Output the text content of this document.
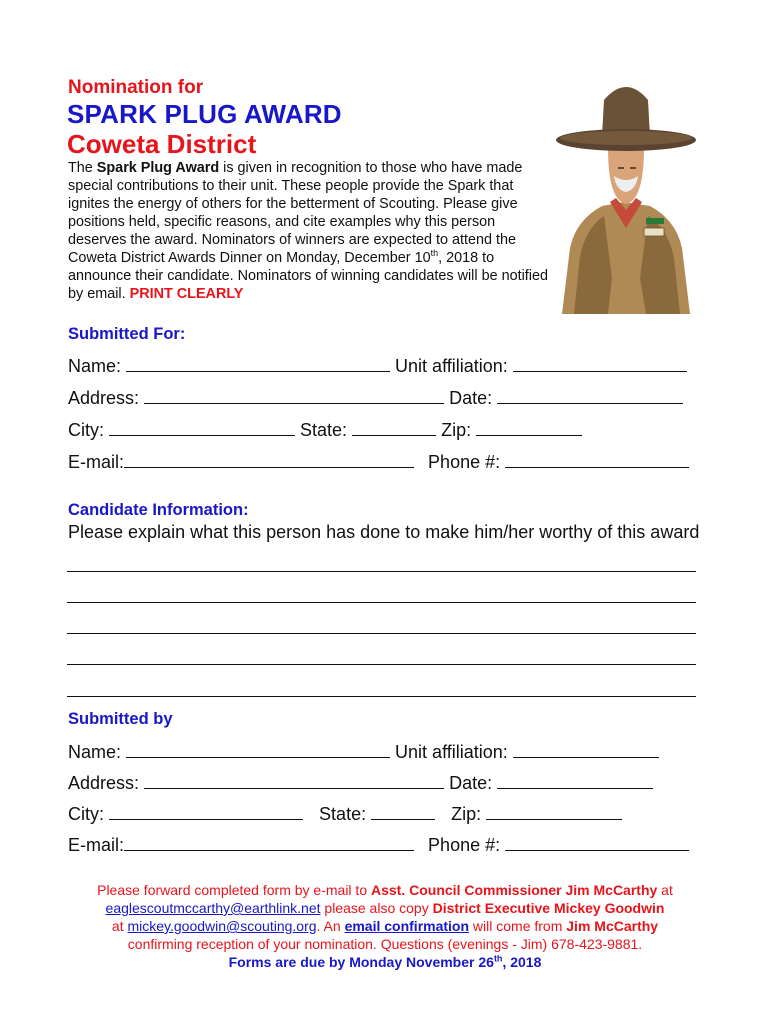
Nomination for
SPARK PLUG AWARD
Coweta District
The Spark Plug Award is given in recognition to those who have made special contributions to their unit. These people provide the Spark that ignites the energy of others for the betterment of Scouting. Please give positions held, specific reasons, and cite examples why this person deserves the award. Nominators of winners are expected to attend the Coweta District Awards Dinner on Monday, December 10th, 2018 to announce their candidate. Nominators of winning candidates will be notified by email. PRINT CLEARLY
Submitted For:
Name:	Unit affiliation:
Address:	Date:
City:	State:	Zip:
E-mail:	Phone #:
Candidate Information:
Please explain what this person has done to make him/her worthy of this award
Submitted by
Name:	Unit affiliation:
Address:	Date:
City:	State:	Zip:
E-mail:	Phone #:
Please forward completed form by e-mail to Asst. Council Commissioner Jim McCarthy at
eaglescoutmccarthy@earthlink.net please also copy District Executive Mickey Goodwin
at mickey.goodwin@scouting.org. An email confirmation will come from Jim McCarthy
confirming reception of your nomination. Questions (evenings - Jim) 678-423-9881.
Forms are due by Monday November 26th, 2018
